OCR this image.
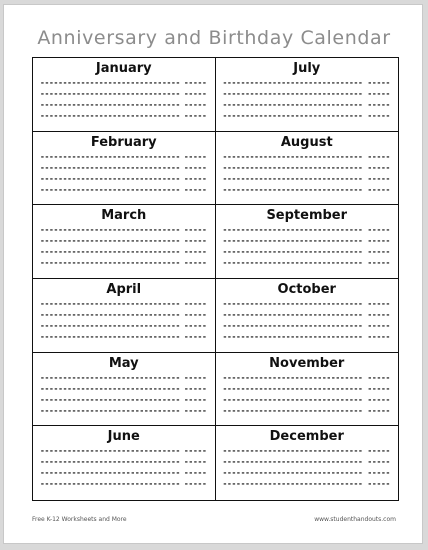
Anniversary and Birthday Calendar
January
------------------------------- -----
------------------------------- -----
------------------------------- -----
------------------------------- -----
July
------------------------------- -----
------------------------------- -----
------------------------------- -----
------------------------------- -----
February
------------------------------- -----
------------------------------- -----
------------------------------- -----
------------------------------- -----
August
------------------------------- -----
------------------------------- -----
------------------------------- -----
------------------------------- -----
March
------------------------------- -----
------------------------------- -----
------------------------------- -----
------------------------------- -----
September
------------------------------- -----
------------------------------- -----
------------------------------- -----
------------------------------- -----
April
------------------------------- -----
------------------------------- -----
------------------------------- -----
------------------------------- -----
October
------------------------------- -----
------------------------------- -----
------------------------------- -----
------------------------------- -----
May
------------------------------- -----
------------------------------- -----
------------------------------- -----
------------------------------- -----
November
------------------------------- -----
------------------------------- -----
------------------------------- -----
------------------------------- -----
June
------------------------------- -----
------------------------------- -----
------------------------------- -----
------------------------------- -----
December
------------------------------- -----
------------------------------- -----
------------------------------- -----
------------------------------- -----
Free K-12 Worksheets and More	www.studenthandouts.com
